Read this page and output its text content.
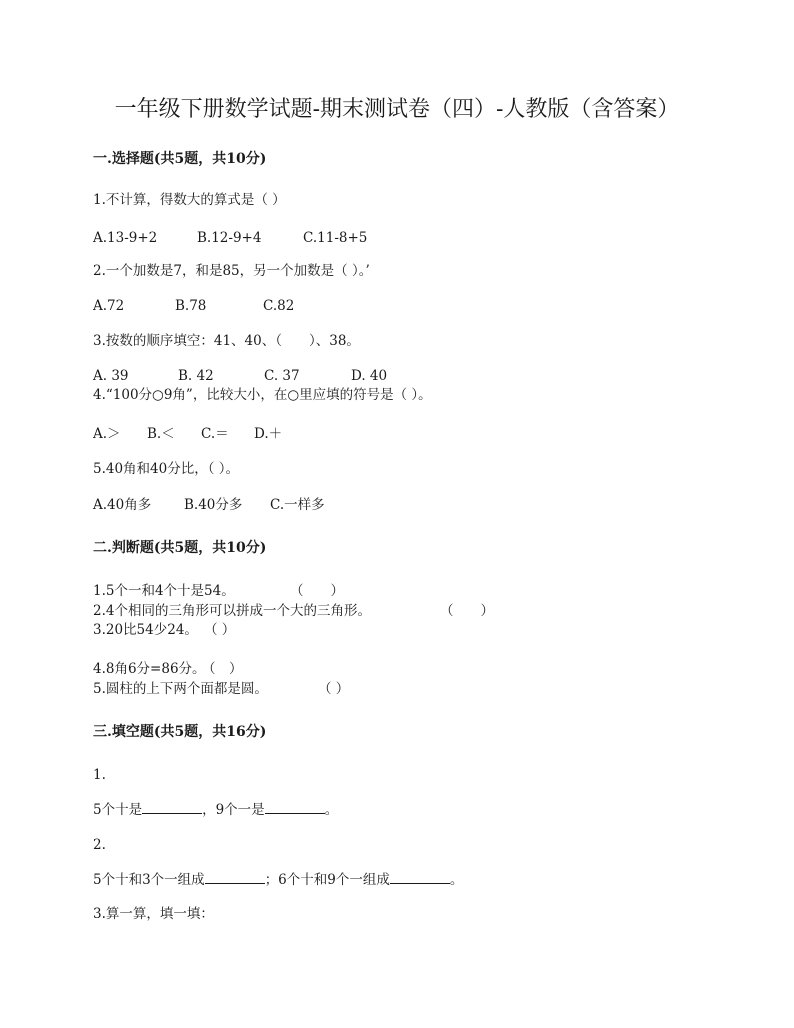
一年级下册数学试题-期末测试卷（四）-人教版（含答案）
一.选择题(共5题，共10分)
1.不计算，得数大的算式是（ ）
A.13-9+2	B.12-9+4	C.11-8+5
2.一个加数是7，和是85，另一个加数是（ ）。’
A.72	B.78	C.82
3.按数的顺序填空：41、40、（　　）、38。
A. 39	B. 42	C. 37	D. 40
4.“100分○9角”，比较大小，在○里应填的符号是（ ）。
A.＞ B.＜ C.＝ D.＋
5.40角和40分比，（ ）。
A.40角多 B.40分多 C.一样多
二.判断题(共5题，共10分)
1.5个一和4个十是54。	（　　）
2.4个相同的三角形可以拼成一个大的三角形。	（　　）
3.20比54少24。 （ ）
4.8角6分=86分。
（　）
5.圆柱的上下两个面都是圆。	（ ）
三.填空题(共5题，共16分)
1.
5个十是	，9个一是	。
2.
5个十和3个一组成	；6个十和9个一组成	。
3.算一算，填一填：
